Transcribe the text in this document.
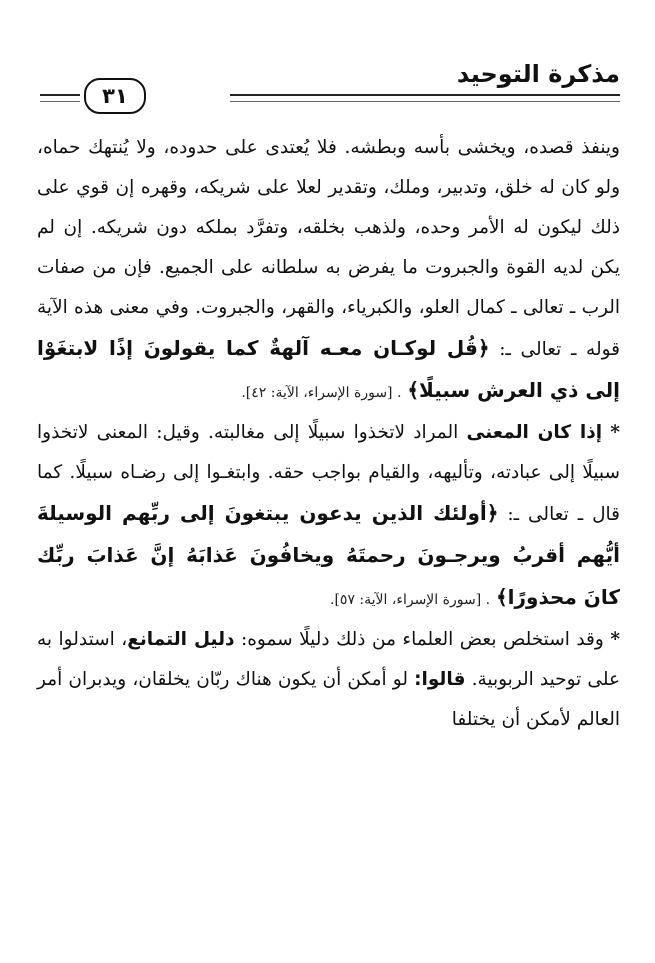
مذكرة التوحيد
٣١

وينفذ قصده، ويخشى بأسه وبطشه. فلا يُعتدى على حدوده، ولا يُنتهك حماه، ولو كان له خلق، وتدبير، وملك، وتقدير لعلا على شريكه، وقهره إن قوي على ذلك ليكون له الأمر وحده، ولذهب بخلقه، وتفرَّد بملكه دون شريكه. إن لم يكن لديه القوة والجبروت ما يفرض به سلطانه على الجميع. فإن من صفات الرب ـ تعالى ـ كمال العلو، والكبرياء، والقهر، والجبروت. وفي معنى هذه الآية قوله ـ تعالى ـ: ﴿قُل لوكـان معـه آلهةٌ كما يقولونَ إذًا لابتغَوْا إلى ذي العرش سبيلًا﴾ . [سورة الإسراء، الآية: ٤٢].

* إذا كان المعنى المراد لاتخذوا سبيلًا إلى مغالبته. وقيل: المعنى لاتخذوا سبيلًا إلى عبادته، وتأليهه، والقيام بواجب حقه. وابتغـوا إلى رضـاه سبيلًا. كما قال ـ تعالى ـ: ﴿أولئك الذين يدعون يبتغونَ إلى ربِّهم الوسيلةَ أيُّهم أقربُ ويرجـونَ رحمتَهُ ويخافُونَ عَذابَهُ إنَّ عَذابَ ربِّك كانَ محذورًا﴾ . [سورة الإسراء، الآية: ٥٧].

* وقد استخلص بعض العلماء من ذلك دليلًا سموه: دليل التمانع، استدلوا به على توحيد الربوبية. قالوا: لو أمكن أن يكون هناك ربّان يخلقان، ويدبران أمر العالم لأمكن أن يختلفا
